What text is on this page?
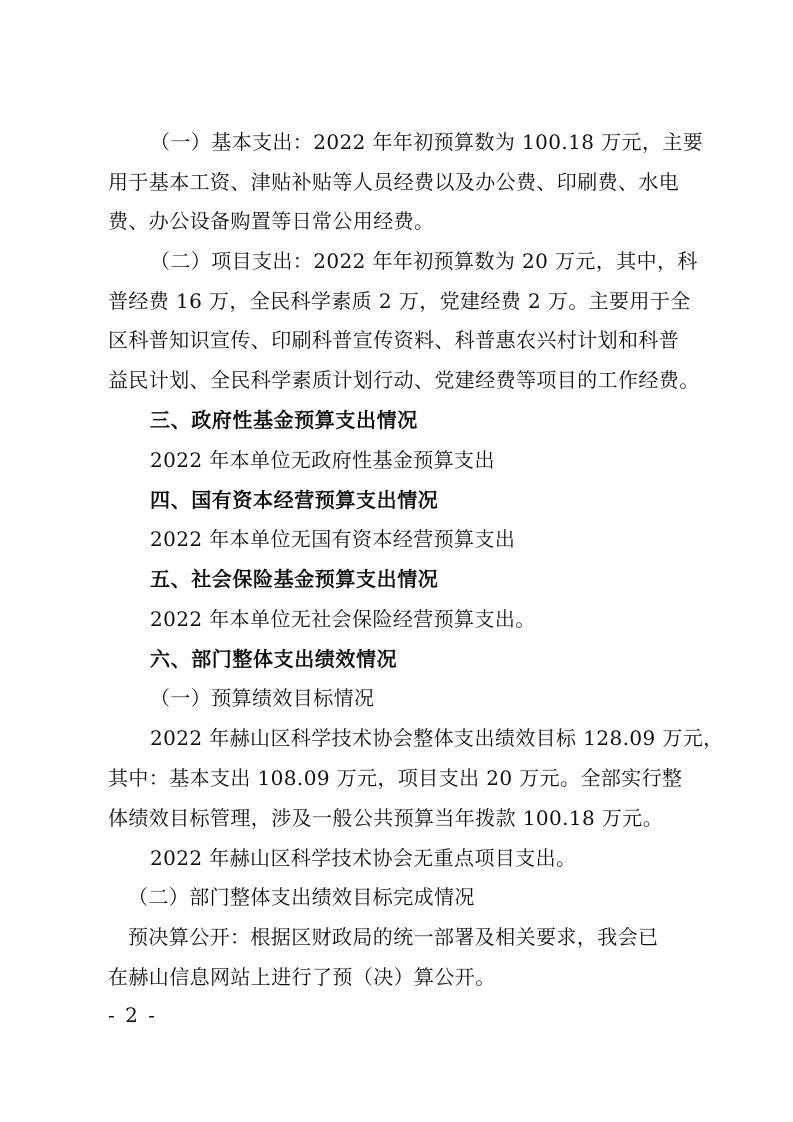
（一）基本支出：2022 年年初预算数为 100.18 万元，主要
用于基本工资、津贴补贴等人员经费以及办公费、印刷费、水电
费、办公设备购置等日常公用经费。
（二）项目支出：2022 年年初预算数为 20 万元，其中，科
普经费 16 万，全民科学素质 2 万，党建经费 2 万。主要用于全
区科普知识宣传、印刷科普宣传资料、科普惠农兴村计划和科普
益民计划、全民科学素质计划行动、党建经费等项目的工作经费。
三、政府性基金预算支出情况
2022 年本单位无政府性基金预算支出
四、国有资本经营预算支出情况
2022 年本单位无国有资本经营预算支出
五、社会保险基金预算支出情况
2022 年本单位无社会保险经营预算支出。
六、部门整体支出绩效情况
（一）预算绩效目标情况
2022 年赫山区科学技术协会整体支出绩效目标 128.09 万元，
其中：基本支出 108.09 万元，项目支出 20 万元。全部实行整
体绩效目标管理，涉及一般公共预算当年拨款 100.18 万元。
2022 年赫山区科学技术协会无重点项目支出。
（二）部门整体支出绩效目标完成情况
预决算公开：根据区财政局的统一部署及相关要求，我会已
在赫山信息网站上进行了预（决）算公开。
- 2 -
